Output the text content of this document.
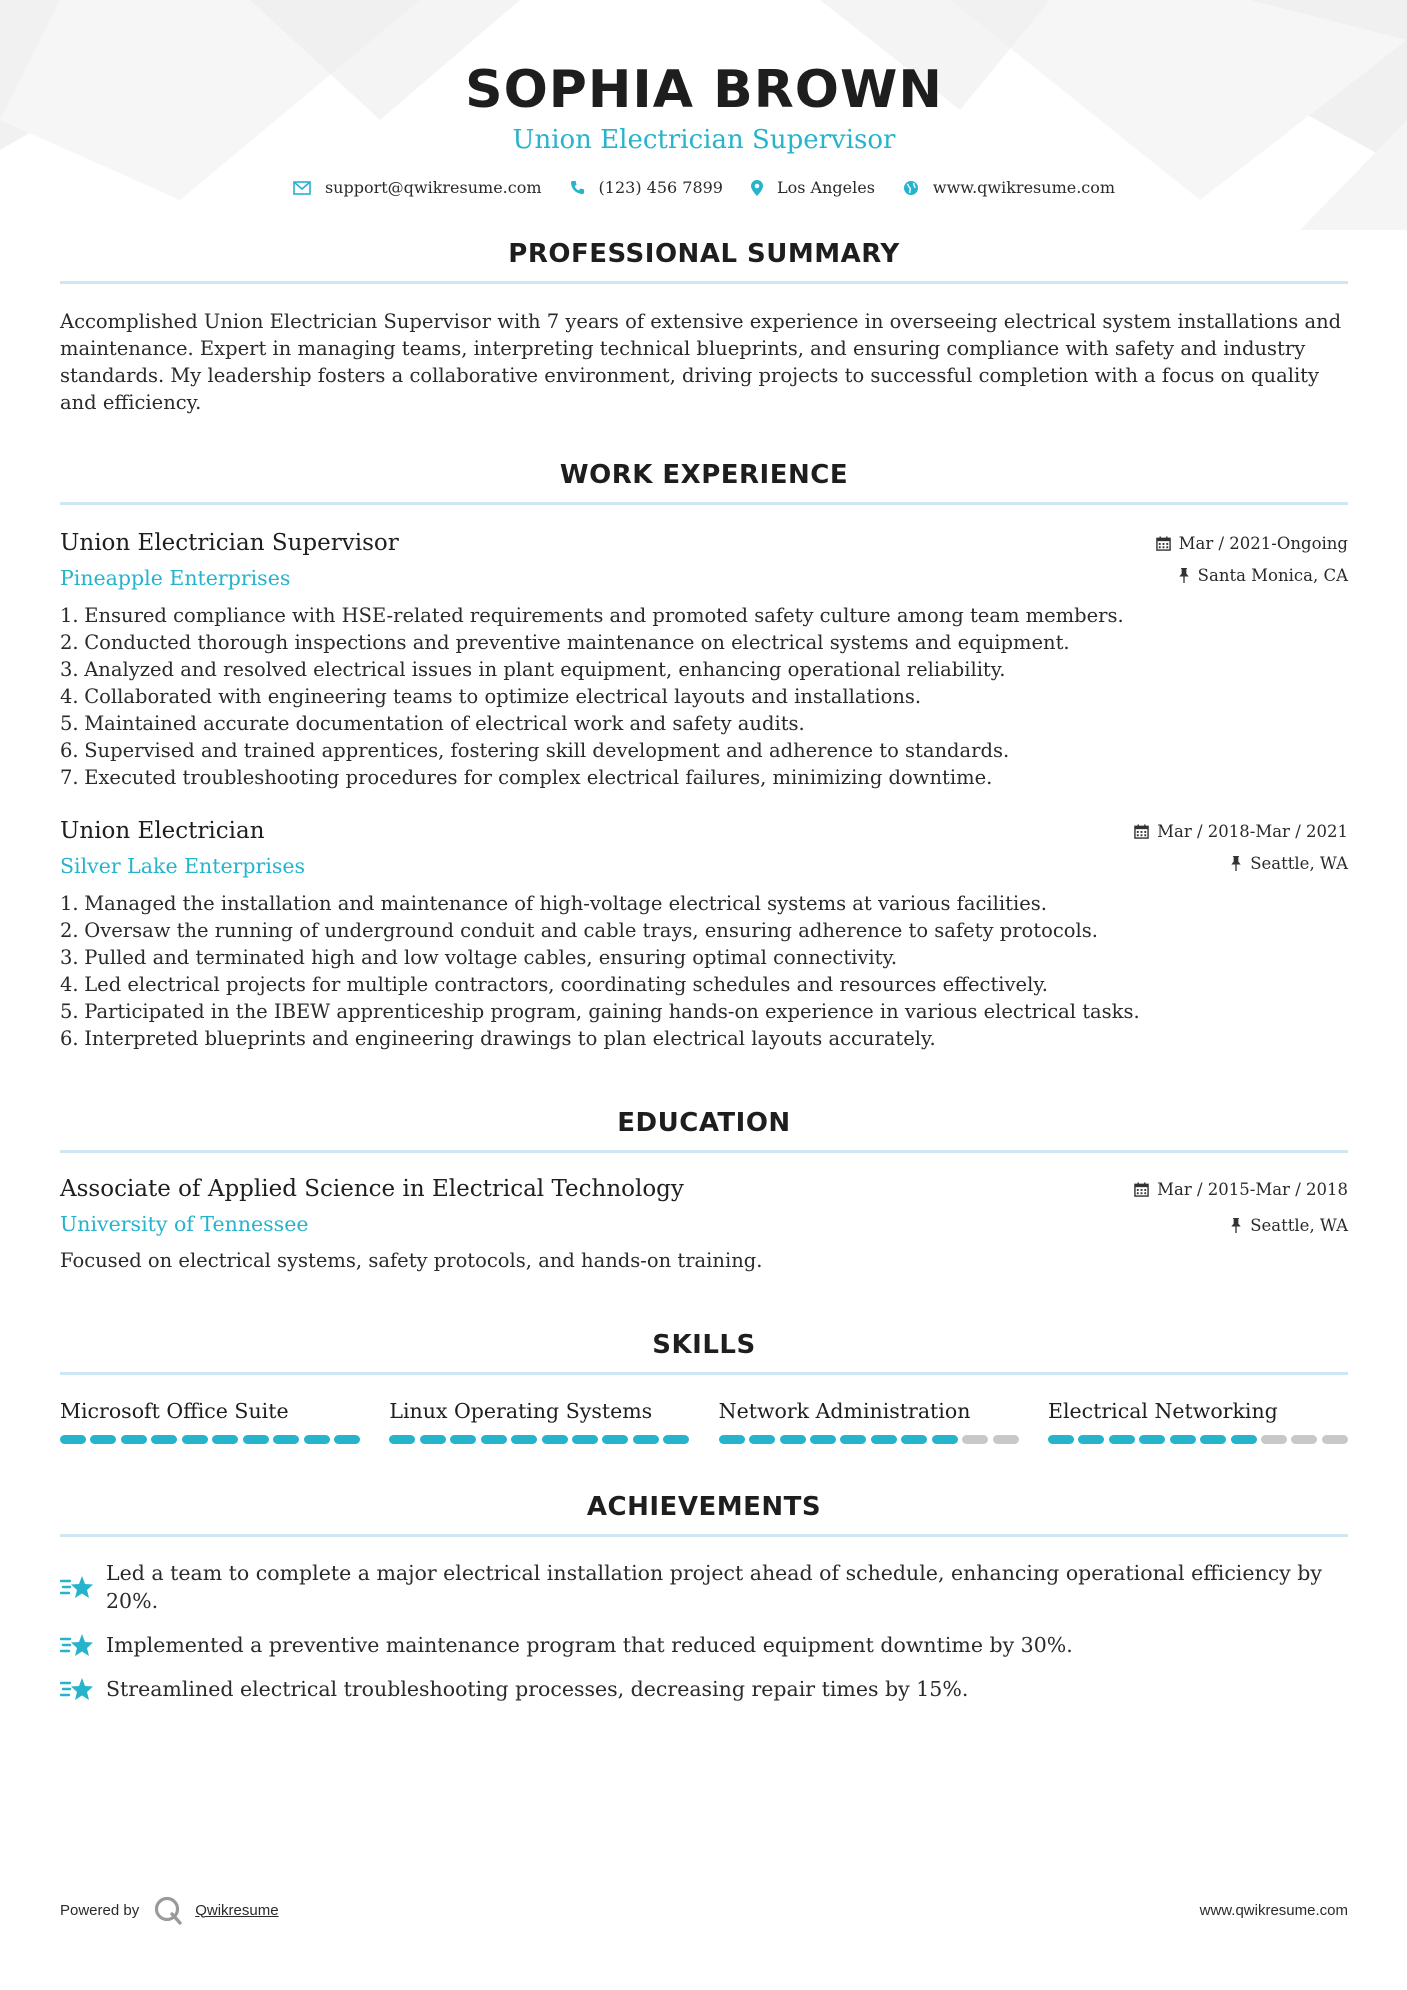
SOPHIA BROWN
Union Electrician Supervisor
support@qwikresume.com	(123) 456 7899	Los Angeles	www.qwikresume.com
PROFESSIONAL SUMMARY

Accomplished Union Electrician Supervisor with 7 years of extensive experience in overseeing electrical system installations and maintenance. Expert in managing teams, interpreting technical blueprints, and ensuring compliance with safety and industry standards. My leadership fosters a collaborative environment, driving projects to successful completion with a focus on quality and efficiency.

WORK EXPERIENCE
Union Electrician Supervisor
Pineapple Enterprises
Mar / 2021-Ongoing
Santa Monica, CA
1.
Ensured compliance with HSE-related requirements and promoted safety culture among team members.
2.
Conducted thorough inspections and preventive maintenance on electrical systems and equipment.
3.
Analyzed and resolved electrical issues in plant equipment, enhancing operational reliability.
4.
Collaborated with engineering teams to optimize electrical layouts and installations.
5.
Maintained accurate documentation of electrical work and safety audits.
6.
Supervised and trained apprentices, fostering skill development and adherence to standards.
7.
Executed troubleshooting procedures for complex electrical failures, minimizing downtime.
Union Electrician
Silver Lake Enterprises
Mar / 2018-Mar / 2021
Seattle, WA
1.
Managed the installation and maintenance of high-voltage electrical systems at various facilities.
2.
Oversaw the running of underground conduit and cable trays, ensuring adherence to safety protocols.
3.
Pulled and terminated high and low voltage cables, ensuring optimal connectivity.
4.
Led electrical projects for multiple contractors, coordinating schedules and resources effectively.
5.
Participated in the IBEW apprenticeship program, gaining hands-on experience in various electrical tasks.
6.
Interpreted blueprints and engineering drawings to plan electrical layouts accurately.
EDUCATION
Associate of Applied Science in Electrical Technology
University of Tennessee
Mar / 2015-Mar / 2018
Seattle, WA

Focused on electrical systems, safety protocols, and hands-on training.

SKILLS
Microsoft Office Suite	Linux Operating Systems	Network Administration	Electrical Networking
ACHIEVEMENTS
Led a team to complete a major electrical installation project ahead of schedule, enhancing operational efficiency by 20%.
Implemented a preventive maintenance program that reduced equipment downtime by 30%.
Streamlined electrical troubleshooting processes, decreasing repair times by 15%.
Powered by	Qwikresume	www.qwikresume.com
